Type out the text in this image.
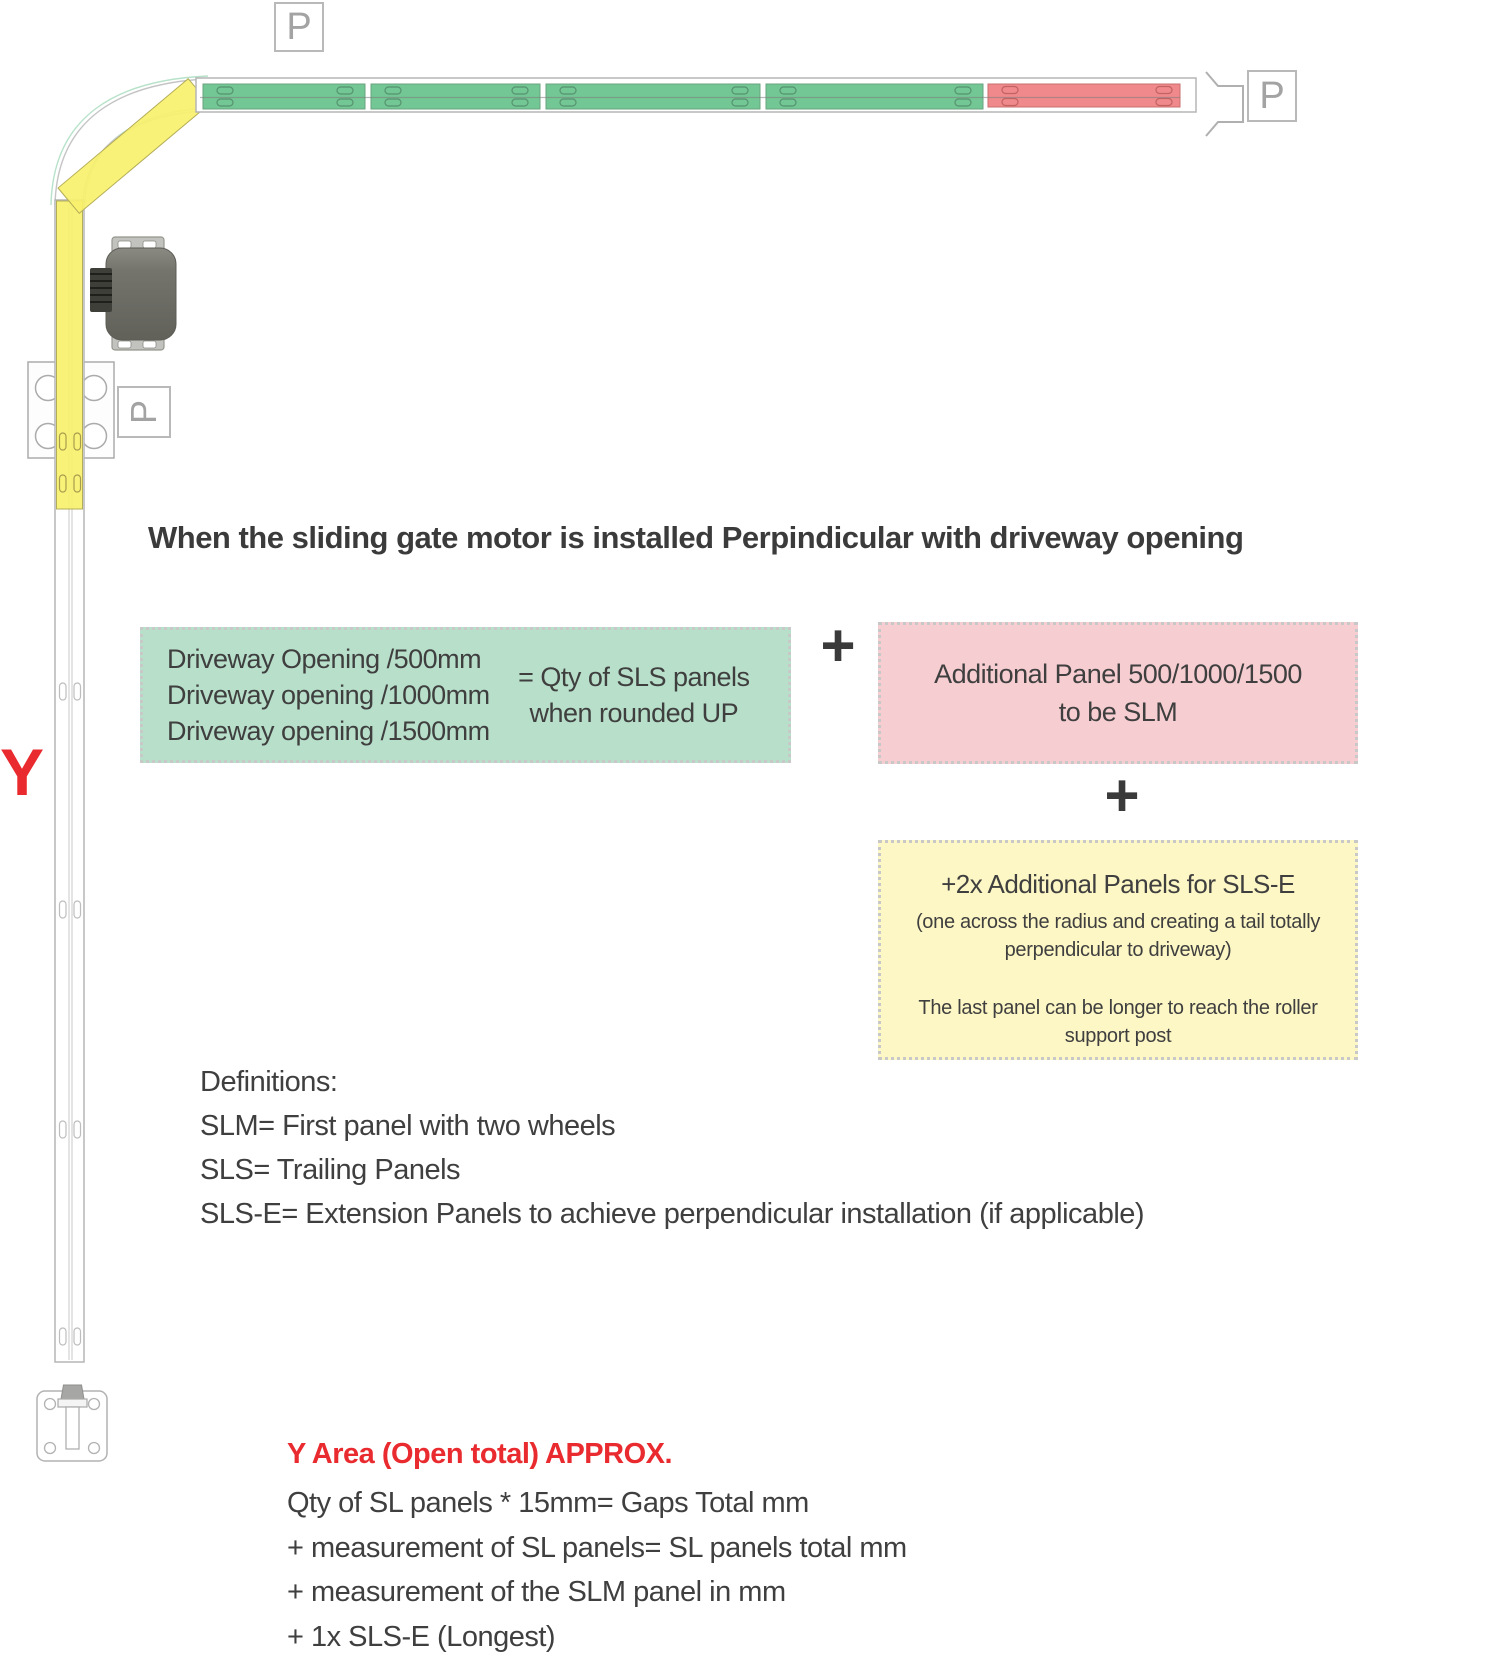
P
P
P
Y
When the sliding gate motor is installed Perpindicular with driveway opening
Driveway Opening /500mm
Driveway opening /1000mm
Driveway opening /1500mm
= Qty of SLS panels
when rounded UP
+	Additional Panel 500/1000/1500
to be SLM
+
+2x Additional Panels for SLS-E
(one across the radius and creating a tail totally perpendicular to driveway)
The last panel can be longer to reach the roller support post
Definitions:
SLM= First panel with two wheels
SLS= Trailing Panels
SLS-E= Extension Panels to achieve perpendicular installation (if applicable)
Y Area (Open total) APPROX.
Qty of SL panels * 15mm= Gaps Total mm
+ measurement of SL panels= SL panels total mm
+ measurement of the SLM panel in mm
+ 1x SLS-E (Longest)
